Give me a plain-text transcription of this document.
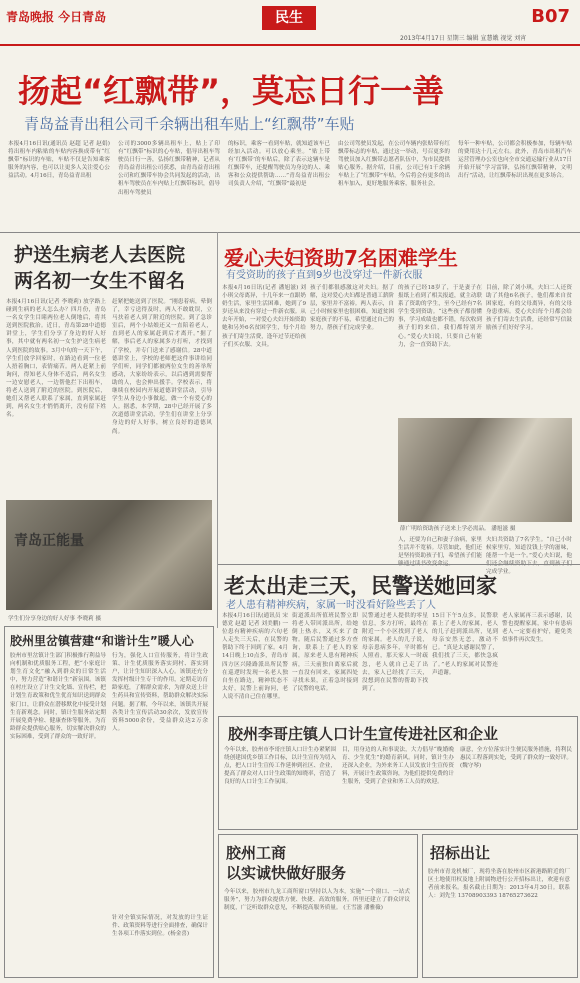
青岛晚报 今日青岛	民生	B07
2013年4月17日 星期三 编辑 宣慧娥 视觉 刘宵
扬起“红飘带”，莫忘日行一善
青岛益青出租公司千余辆出租车贴上“红飘带”车贴
本报4月16日讯(通讯员 赵超 记者 赵娟) 将出租车内粘贴的车贴内容换成带有“红飘带”标识的车贴，车贴不仅是告知乘客服务的内容，也可以让更多人关注爱心公益活动。4月16日，青岛益青出租
公司的3000多辆出租车上，贴上了印有“红飘带”标识的心车贴，倡导出租车驾驶员日行一善，弘扬红飘带精神，记者从青岛益青出租公司获悉，由青岛益青出租公司和红飘带车协会共同发起的活动，出租车驾驶员在车内贴上红飘带标识，倡导出租车驾驶员
的标识，乘客一看到车贴，就知道该车已经加入活动。可以放心乘坐。“贴上带有‘红飘带’的车贴后，除了表示这辆车是红飘带车，还提醒驾驶员为身边的人、乘客和公众提供帮助……”青岛益青出租公司负责人介绍，“红飘带”最初是
由公司驾驶员发起，在公司车辆内张贴带有红飘带标志的车贴，通过这一举动，号召更多的驾驶员加入红飘带志愿者队伍中，为市民提供贴心服务。据介绍，目前，公司已有1千余辆车贴上了“红飘带”车贴，今后将会有更多的出租车加入，更好地服务乘客，服务社会。
每年一种车贴，公司都会积极参加，每辆车贴的费用达十几元左右。此外，青岛市出租汽车运营管理办公室也向全市交通运输行业从17日开始开展“学习雷锋，弘扬红飘带精神，文明出行”活动，让红飘带标识出现在更多场合。
护送生病老人去医院
两名初一女生不留名
本报4月16日讯(记者 李晓莉) 放学路上碰到生病的老人怎么办？四月份，青岛一名女学生目睹两位老人倒地后，将其送到医院救治。近日，青岛第28中道德讲堂上，学生们分享了身边的好人好事，其中就有两名初一女生护送生病老人到医院的故事。3月中旬的一天下午，学生们放学回家时，在路边看到一位老人捂着胸口，表情痛苦。两人赶紧上前询问，得知老人身体不适后，两名女生一边安慰老人，一边帮他拦下出租车，将老人送到了附近的医院。到医院后，她们又帮老人联系了家属，直到家属赶到，两名女生才悄悄离开，没有留下姓名。
赶紧把她送到了医院。“刚患着病，晕倒了，幸亏送得及时，两人不敢耽误，立马扶着老人到了附近的医院。到了急诊室后，两个小姑娘还又一直陪着老人，直到老人的家属赶到后才离开。”据了解，事后老人的家属多方打听，才找到了学校，并专门送来了感谢信。28中道德讲堂上，学校的老师把这件事讲给同学们听，同学们都被两位女生的善举所感动，大家纷纷表示，以后遇到需要帮助的人，也会伸出援手。学校表示，将继续在校园内开展道德讲堂活动，引导学生从身边小事做起，做一个有爱心的人。据悉，本学期，28中已经开展了多次道德讲堂活动，学生们在讲堂上分享身边的好人好事，树立良好的道德风尚。
青岛正能量
学生们分享身边的好人好事 李晓莉 摄
爱心夫妇资助7名困难学生
有受资助的孩子直到9岁也没穿过一件新衣服
本报4月16日讯(记者 潘旭滋) 刘小琪父母离异，十几年来一直跟奶奶生活，家里生活困难，她到了9岁还从来没有穿过一件新衣服。从去年开始，一对爱心夫妇开始资助她和另外6名贫困学生，每个月给孩子们寄生活费，逢年过节还给孩子们买衣服、文具。
孩子们都很感激这对夫妇。据了解，这对爱心夫妇都是普通工薪阶层，家里并不富裕。两人表示，自己小时候家里也很困难，知道贫困家庭孩子的不易，希望通过自己的努力，帮孩子们完成学业。
的孩子已经18岁了，于是妻子在报纸上看到了相关报道，就主动联系了资助的学生，至今已经有7名学生受到资助。“这些孩子都很懂事，学习成绩也都不错，每次收到孩子们的来信，我们都特别开心。”爱心夫妇说，只要自己有能力，会一直资助下去。
目前，除了刘小琪，夫妇二人还资助了其他6名孩子，他们都来自贫困家庭，有的父母离异，有的父母身患重病。爱心夫妇每个月都会给孩子们寄去生活费，还经常写信鼓励孩子们好好学习。
薛广明给资助孩子送来上学必需品。 潘旭滋 摄
人，还要为自己和妻子治病，家里生活并不宽裕。尽管如此，他们还是坚持资助孩子们，希望孩子们能
夫妇共资助了7名学生。“自己小时候家里穷，知道没钱上学的滋味，能帮一个是一个。”爱心夫妇说，他 完成学业。
老太出走三天，民警送她回家
老人患有精神疾病，家属一时没看好险些丢了人
本报4月16日讯(通讯员 宋德党 赵超 记者 刘美鹏) 一位患有精神疾病的六旬老人走失三天后，在民警的帮助下终于回到了家。4月14日晚上10点多，青岛市四方区兴隆路派出所民警在巡逻时发现一名老人独自坐在路边，精神状态不太好，民警上前询问，老人说不清自己住在哪里。
街道派出所值班民警立即将老人带回派出所，给她倒上热水，又买来了食物。随后民警通过多方查询，联系上了老人的家属，原来老人患有精神疾病，三天前独自离家后就一直没有回来，家属四处寻找未果，正着急时接到了民警的电话。
民警通过老人提供的零星信息，多方打听，最终在附近一个小区找到了老人的家属。老人的儿子说，母亲患病多年，平时都有人照看，那天家人一时疏忽，老人就自己走了出去，家人已经找了三天，没想到在民警的帮助下找到了。
15日下午5点多，民警联系上了老人的家属，老人的儿子赶到派出所，见到母亲安然无恙，激动不已。“真是太感谢民警了，我们找了三天，都快急疯了。”老人的家属对民警连声道谢。
老人家属再三表示感谢，民警也提醒家属，家中有患病老人一定要看护好，避免类似事件再次发生。
胶州里岔镇营建“和谐计生”暖人心
胶州市里岔镇计生部门积极推行利益导向机制和优质服务工程，把“小家庭计划生育文化”融入到群众的日常生活中，努力营造“和谐计生”新氛围。该镇在村庄设立了计生文化墙、宣传栏，把计划生育政策和优生优育知识送到群众家门口，让群众在潜移默化中接受计划生育新观念。同时，镇计生服务站定期开展免费孕检、健康查体等服务，为育龄群众提供贴心服务，切实解决群众的实际困难，受到了群众的一致好评。
行为，强化人口宣传服务，将计生政策、计生优质服务落实到村、落实到户，让计生知识深入人心。该镇还充分发挥村级计生专干的作用，定期走访育龄家庭，了解群众需求，为群众送上计生药具和宣传资料，帮助群众解决实际问题。据了解，今年以来，该镇共开展各类计生宣传活动30余次，发放宣传资料5000余份，受益群众达2万余人。
针对全镇实际情况，对发放的计生证件、政策资料等进行全面排查，确保计生各项工作落实到位。(杨金喜)
胶州李哥庄镇人口计生宣传进社区和企业
今年以来，胶州市李哥庄镇人口计生办紧紧围绕创建国优乡镇工作目标，以计生宣传为切入点，把人口计生宣传工作延伸到社区、企业，提高了群众对人口计生政策的知晓率，营造了良好的人口计生工作氛围。
目，用身边的人和事说法，大力倡导“晚婚晚育、少生优生”的婚育新风。同时，镇计生办还深入企业，为外来务工人员发放计生宣传资料，开展计生政策咨询，为他们提供免费的计生服务，受到了企业和务工人员的欢迎。
康意，全方位落实计生便民服务措施，将利民惠民工程落到实处，受到了群众的一致好评。(魏守琴)
胶州工商
以实诚快做好服务
今年以来，胶州市九龙工商所窗口坚持以人为本，实施“一个窗口、一站式服务”，努力为群众提供方便、快捷、高效的服务。所里还建立了群众评议制度，广泛听取群众意见，不断提高服务质量。 (王雪滋 潘雅薇)
招标出让
胶州市青龙机械厂，现将坐落在胶州市区新港路附近的厂区土地使用权及地上附属物进行公开招标出让，欢迎有意者前来报名。报名截止日期为：2013年4月30日。联系人：刘先生 13708903393 18765273622
